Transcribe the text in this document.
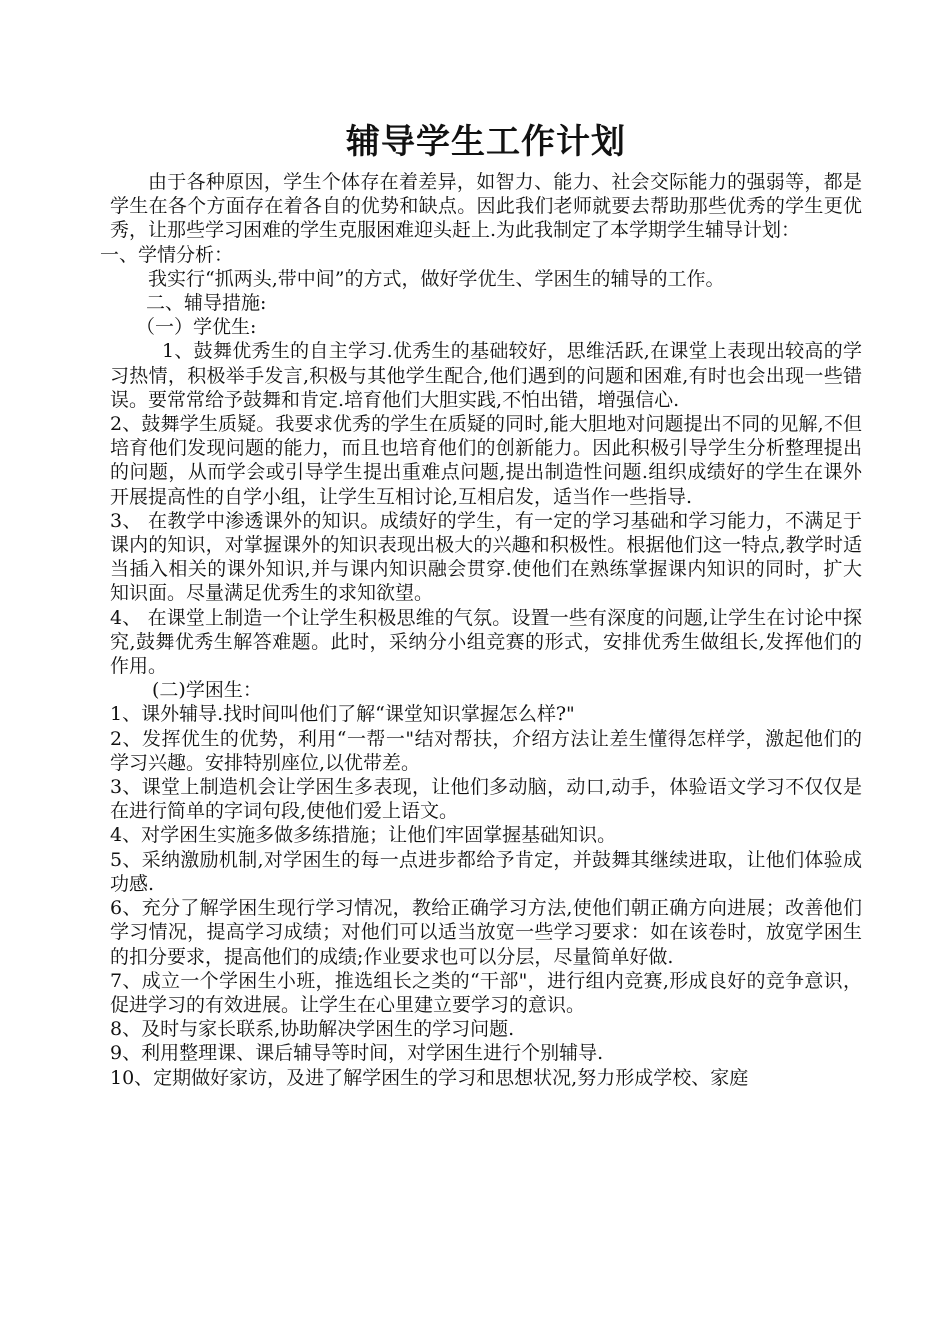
辅导学生工作计划

由于各种原因，学生个体存在着差异，如智力、能力、社会交际能力的强弱等，都是学生在各个方面存在着各自的优势和缺点。因此我们老师就要去帮助那些优秀的学生更优秀，让那些学习困难的学生克服困难迎头赶上.为此我制定了本学期学生辅导计划：

一、学情分析：

我实行“抓两头,带中间”的方式，做好学优生、学困生的辅导的工作。

二、辅导措施:

（一）学优生:

1、鼓舞优秀生的自主学习.优秀生的基础较好，思维活跃,在课堂上表现出较高的学习热情，积极举手发言,积极与其他学生配合,他们遇到的问题和困难,有时也会出现一些错误。要常常给予鼓舞和肯定.培育他们大胆实践,不怕出错，增强信心.

2、鼓舞学生质疑。我要求优秀的学生在质疑的同时,能大胆地对问题提出不同的见解,不但培育他们发现问题的能力，而且也培育他们的创新能力。因此积极引导学生分析整理提出的问题，从而学会或引导学生提出重难点问题,提出制造性问题.组织成绩好的学生在课外开展提高性的自学小组，让学生互相讨论,互相启发，适当作一些指导.

3、 在教学中渗透课外的知识。成绩好的学生，有一定的学习基础和学习能力，不满足于课内的知识，对掌握课外的知识表现出极大的兴趣和积极性。根据他们这一特点,教学时适当插入相关的课外知识,并与课内知识融会贯穿.使他们在熟练掌握课内知识的同时，扩大知识面。尽量满足优秀生的求知欲望。

4、 在课堂上制造一个让学生积极思维的气氛。设置一些有深度的问题,让学生在讨论中探究,鼓舞优秀生解答难题。此时，采纳分小组竞赛的形式，安排优秀生做组长,发挥他们的作用。

(二)学困生：

1、课外辅导.找时间叫他们了解“课堂知识掌握怎么样?"

2、发挥优生的优势，利用“一帮一"结对帮扶，介绍方法让差生懂得怎样学，激起他们的学习兴趣。安排特别座位,以优带差。

3、课堂上制造机会让学困生多表现，让他们多动脑，动口,动手，体验语文学习不仅仅是在进行简单的字词句段,使他们爱上语文。

4、对学困生实施多做多练措施；让他们牢固掌握基础知识。

5、采纳激励机制,对学困生的每一点进步都给予肯定，并鼓舞其继续进取，让他们体验成功感.

6、充分了解学困生现行学习情况，教给正确学习方法,使他们朝正确方向进展；改善他们学习情况，提高学习成绩；对他们可以适当放宽一些学习要求：如在该卷时，放宽学困生的扣分要求，提高他们的成绩;作业要求也可以分层，尽量简单好做.

7、成立一个学困生小班，推选组长之类的“干部"，进行组内竞赛,形成良好的竞争意识，促进学习的有效进展。让学生在心里建立要学习的意识。

8、及时与家长联系,协助解决学困生的学习问题.

9、利用整理课、课后辅导等时间，对学困生进行个别辅导.

10、定期做好家访，及进了解学困生的学习和思想状况,努力形成学校、家庭
